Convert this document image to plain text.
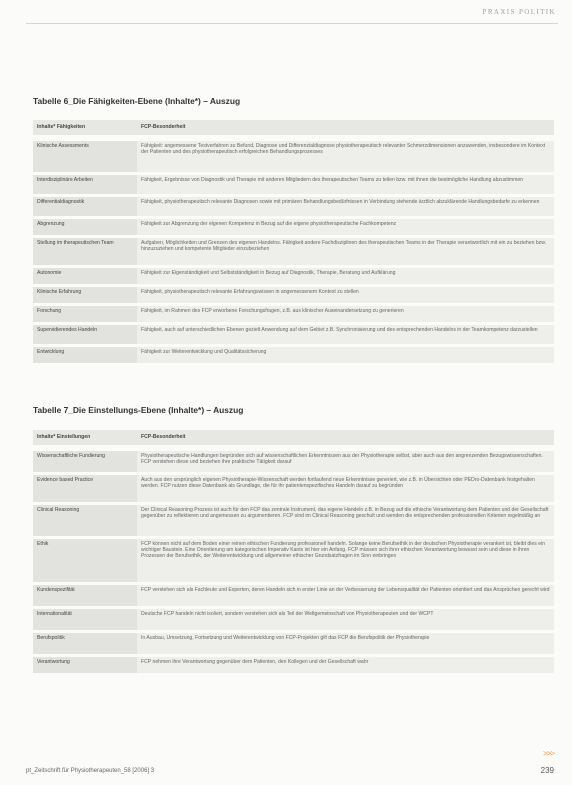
PRAXIS POLITIK
Tabelle 6_Die Fähigkeiten-Ebene (Inhalte*) – Auszug
Inhalte* Fähigkeiten	FCP-Besonderheit

Klinische Assessments	Fähigkeit: angemessene Testverfahren zu Befund, Diagnose und Differenzialdiagnose physiotherapeutisch relevanter Schmerzdimensionen anzuwenden, insbesondere im Kontext der Patienten und des physiotherapeutisch erfolgreichen Behandlungsprozesses
Interdisziplinäre Arbeiten	Fähigkeit, Ergebnisse von Diagnostik und Therapie mit anderen Mitgliedern des therapeutischen Teams zu teilen bzw. mit ihnen die bestmögliche Handlung abzustimmen
Differentialdiagnostik	Fähigkeit, physiotherapeutisch relevante Diagnosen sowie mit primären Behandlungsbedürfnissen in Verbindung stehende ärztlich abzuklärende Handlungsbedarfe zu erkennen
Abgrenzung	Fähigkeit zur Abgrenzung der eigenen Kompetenz in Bezug auf die eigene physiotherapeutische Fachkompetenz
Stellung im therapeutischen Team	Aufgaben, Möglichkeiten und Grenzen des eigenen Handelns. Fähigkeit andere Fachdisziplinen des therapeutischen Teams in der Therapie verantwortlich mit ein zu beziehen bzw. hinzuzuziehen und kompetente Mitglieder einzubeziehen
Autonomie	Fähigkeit zur Eigenständigkeit und Selbstständigkeit in Bezug auf Diagnostik, Therapie, Beratung und Aufklärung
Klinische Erfahrung	Fähigkeit, physiotherapeutisch relevante Erfahrungswissen in angemessenem Kontext zu stellen
Forschung	Fähigkeit, im Rahmen des FCP erworbene Forschungsfragen, z.B. aus klinischer Auseinandersetzung zu generieren
Supervidierendes Handeln	Fähigkeit, auch auf unterschiedlichen Ebenen gezielt Anwendung auf dem Gebiet z.B. Synchronisierung und des entsprechenden Handelns in der Teamkompetenz darzustellen
Entwicklung	Fähigkeit zur Weiterentwicklung und Qualitätssicherung
Tabelle 7_Die Einstellungs-Ebene (Inhalte*) – Auszug
Inhalte* Einstellungen	FCP-Besonderheit

Wissenschaftliche Fundierung	Physiotherapeutische Handlungen begründen sich auf wissenschaftlichen Erkenntnissen aus der Physiotherapie selbst, aber auch aus den angrenzenden Bezugswissenschaften. FCP verstehen diese und beziehen ihre praktische Tätigkeit darauf
Evidence based Practice	Auch aus den ursprünglich eigenen Physiotherapie-Wissenschaft werden fortlaufend neue Erkenntnisse generiert, wie z.B. in Übersichten oder PEDro-Datenbank festgehalten werden. FCP nutzen diese Datenbank als Grundlage, die für ihr patientenspezifisches Handeln darauf zu begründen
Clinical Reasoning	Der Clinical Reasoning Prozess ist auch für den FCP das zentrale Instrument, das eigene Handeln z.B. in Bezug auf die ethische Verantwortung dem Patienten und der Gesellschaft gegenüber zu reflektieren und angemessen zu argumentieren. FCP sind im Clinical Reasoning geschult und wenden die entsprechenden professionellen Kriterien regelmäßig an
Ethik	FCP können nicht auf dem Boden einer reinen ethischen Fundierung professionell handeln. Solange keine Berufsethik in der deutschen Physiotherapie verankert ist, bleibt dies ein wichtiger Baustein. Eine Orientierung am kategorischen Imperativ Kants ist hier ein Anfang. FCP müssen sich ihrer ethischen Verantwortung bewusst sein und diese in ihren Prozessen der Berufsethik, der Weiterentwicklung und allgemeiner ethischer Grundsatzfragen im Sinn einbringen
Kundenspezifität	FCP verstehen sich als Fachleute und Experten, deren Handeln sich in erster Linie an der Verbesserung der Lebensqualität der Patienten orientiert und das Ansprüchen gerecht wird
Internationalität	Deutsche FCP handeln nicht isoliert, sondern verstehen sich als Teil der Weltgemeinschaft von Physiotherapeuten und der WCPT
Berufspolitik	In Ausbau, Umsetzung, Fortsetzung und Weiterentwicklung von FCP-Projekten gilt das FCP die Berufspolitik der Physiotherapie
Verantwortung	FCP nehmen ihre Verantwortung gegenüber dem Patienten, den Kollegen und der Gesellschaft wahr
>>>
pt_Zeitschrift für Physiotherapeuten_58 [2006] 3	239
